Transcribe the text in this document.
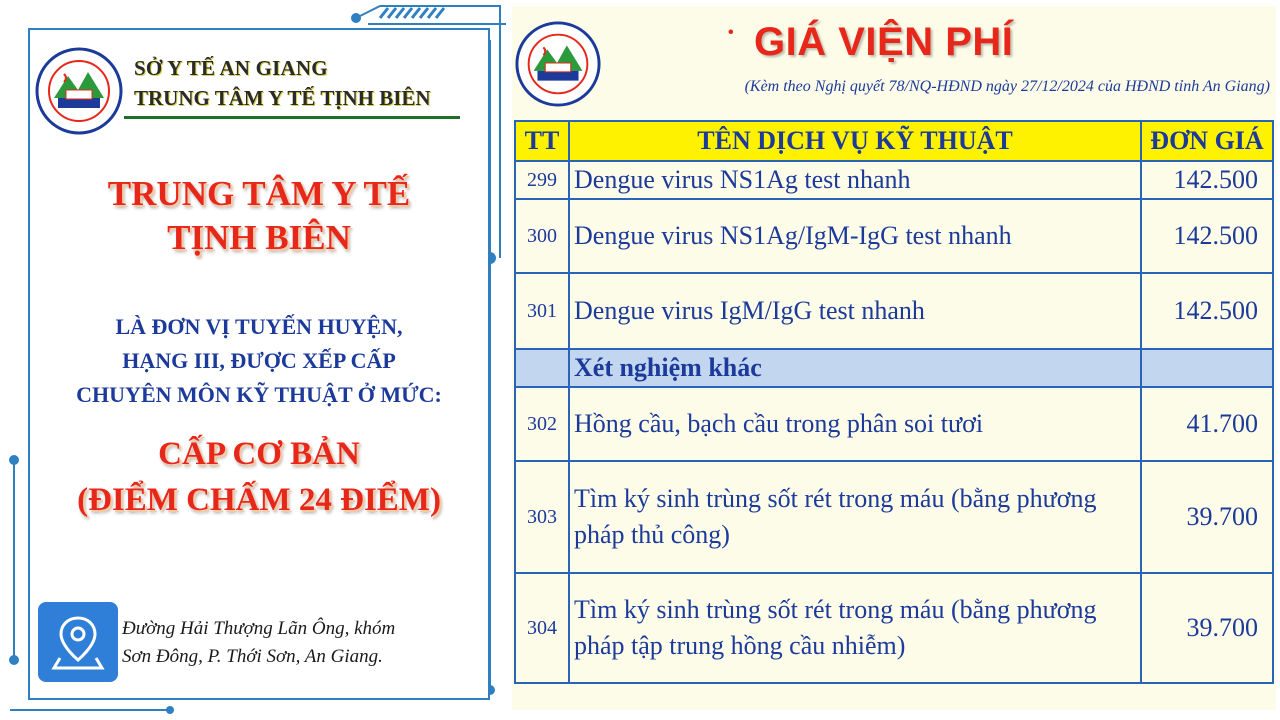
SỞ Y TẾ AN GIANG
TRUNG TÂM Y TẾ TỊNH BIÊN
TRUNG TÂM Y TẾ
TỊNH BIÊN
LÀ ĐƠN VỊ TUYẾN HUYỆN,
HẠNG III, ĐƯỢC XẾP CẤP
CHUYÊN MÔN KỸ THUẬT Ở MỨC:
CẤP CƠ BẢN
(ĐIỂM CHẤM 24 ĐIỂM)
Đường Hải Thượng Lãn Ông, khóm
Sơn Đông, P. Thới Sơn, An Giang.
• GIÁ VIỆN PHÍ
(Kèm theo Nghị quyết 78/NQ-HĐND ngày 27/12/2024 của HĐND tỉnh An Giang)
TT	TÊN DỊCH VỤ KỸ THUẬT	ĐƠN GIÁ
299	Dengue virus NS1Ag test nhanh	142.500
300	Dengue virus NS1Ag/IgM-IgG test nhanh	142.500
301	Dengue virus IgM/IgG test nhanh	142.500
	Xét nghiệm khác	
302	Hồng cầu, bạch cầu trong phân soi tươi	41.700
303	Tìm ký sinh trùng sốt rét trong máu (bằng phương pháp thủ công)	39.700
304	Tìm ký sinh trùng sốt rét trong máu (bằng phương pháp tập trung hồng cầu nhiễm)	39.700
